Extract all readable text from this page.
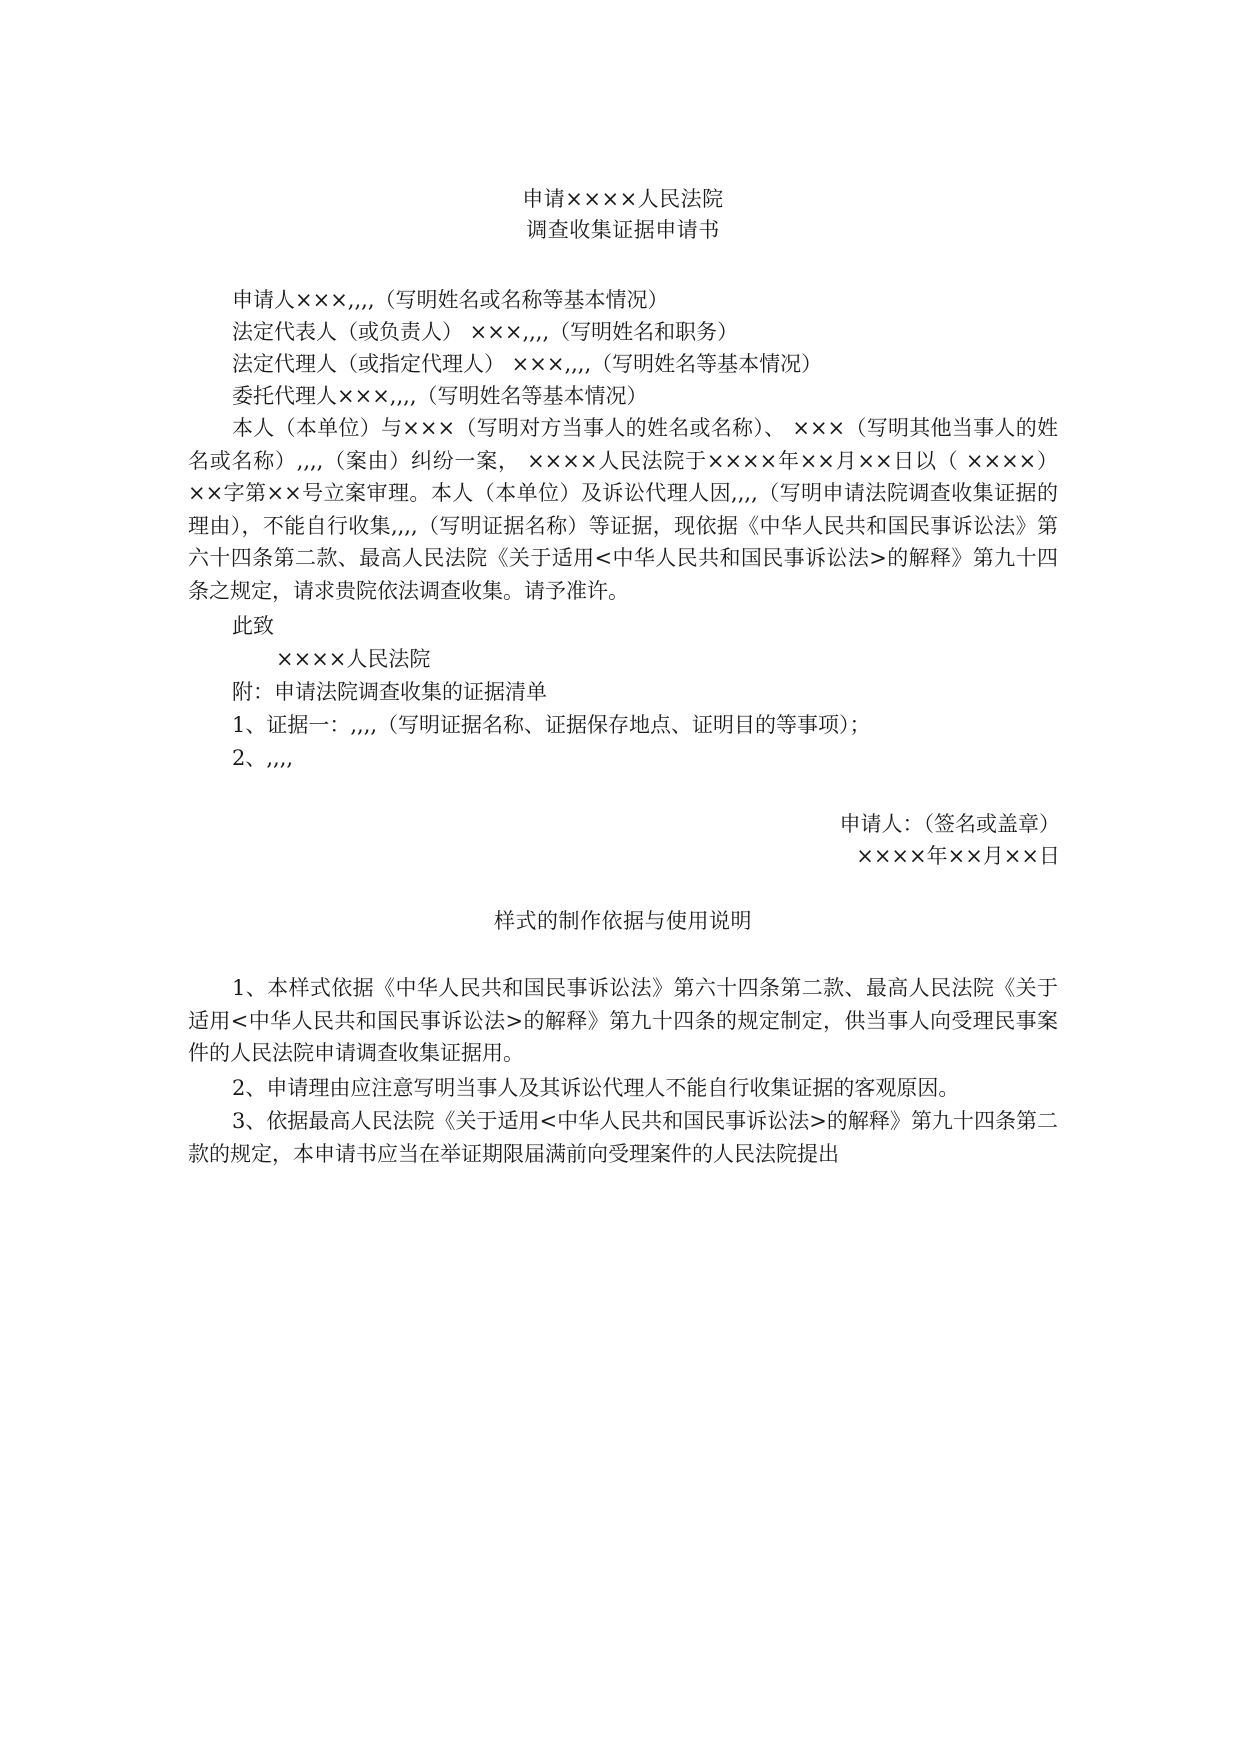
申请××××人民法院
调查收集证据申请书
申请人×××,,,,（写明姓名或名称等基本情况）
法定代表人（或负责人） ×××,,,,（写明姓名和职务）
法定代理人（或指定代理人） ×××,,,,（写明姓名等基本情况）
委托代理人×××,,,,（写明姓名等基本情况）
本人（本单位）与×××（写明对方当事人的姓名或名称）、 ×××（写明其他当事人的姓名或名称）,,,,（案由）纠纷一案， ××××人民法院于××××年××月××日以（ ××××） ××字第××号立案审理。本人（本单位）及诉讼代理人因,,,,（写明申请法院调查收集证据的理由），不能自行收集,,,,（写明证据名称）等证据，现依据《中华人民共和国民事诉讼法》第六十四条第二款、最高人民法院《关于适用<中华人民共和国民事诉讼法>的解释》第九十四条之规定，请求贵院依法调查收集。请予准许。
此致
××××人民法院
附：申请法院调查收集的证据清单
1、证据一：,,,,（写明证据名称、证据保存地点、证明目的等事项）；
2、,,,,
申请人：（签名或盖章）
××××年××月××日
样式的制作依据与使用说明
1、本样式依据《中华人民共和国民事诉讼法》第六十四条第二款、最高人民法院《关于适用<中华人民共和国民事诉讼法>的解释》第九十四条的规定制定，供当事人向受理民事案件的人民法院申请调查收集证据用。
2、申请理由应注意写明当事人及其诉讼代理人不能自行收集证据的客观原因。
3、依据最高人民法院《关于适用<中华人民共和国民事诉讼法>的解释》第九十四条第二款的规定，本申请书应当在举证期限届满前向受理案件的人民法院提出
